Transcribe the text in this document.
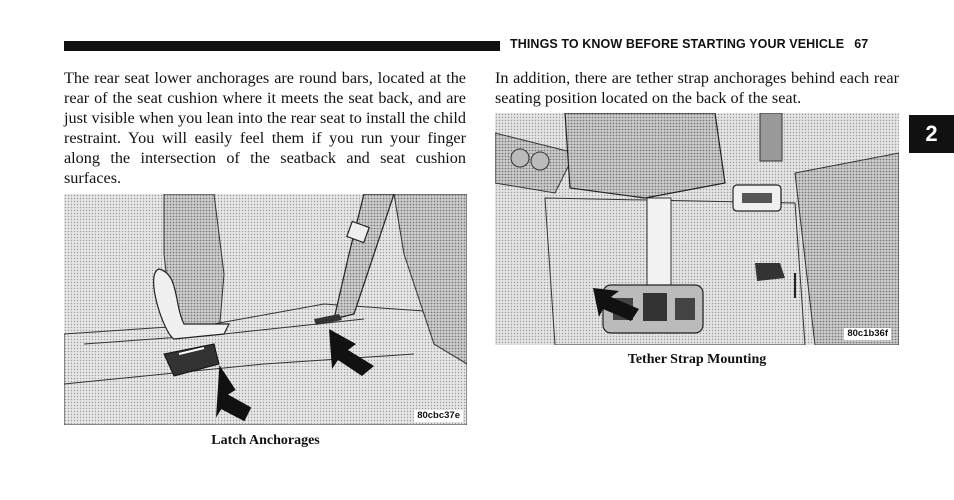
THINGS TO KNOW BEFORE STARTING YOUR VEHICLE 67
The rear seat lower anchorages are round bars, located at the rear of the seat cushion where it meets the seat back, and are just visible when you lean into the rear seat to install the child restraint. You will easily feel them if you run your finger along the intersection of the seatback and seat cushion surfaces.
80cbc37e
Latch Anchorages
In addition, there are tether strap anchorages behind each rear seating position located on the back of the seat.
80c1b36f
Tether Strap Mounting
2
